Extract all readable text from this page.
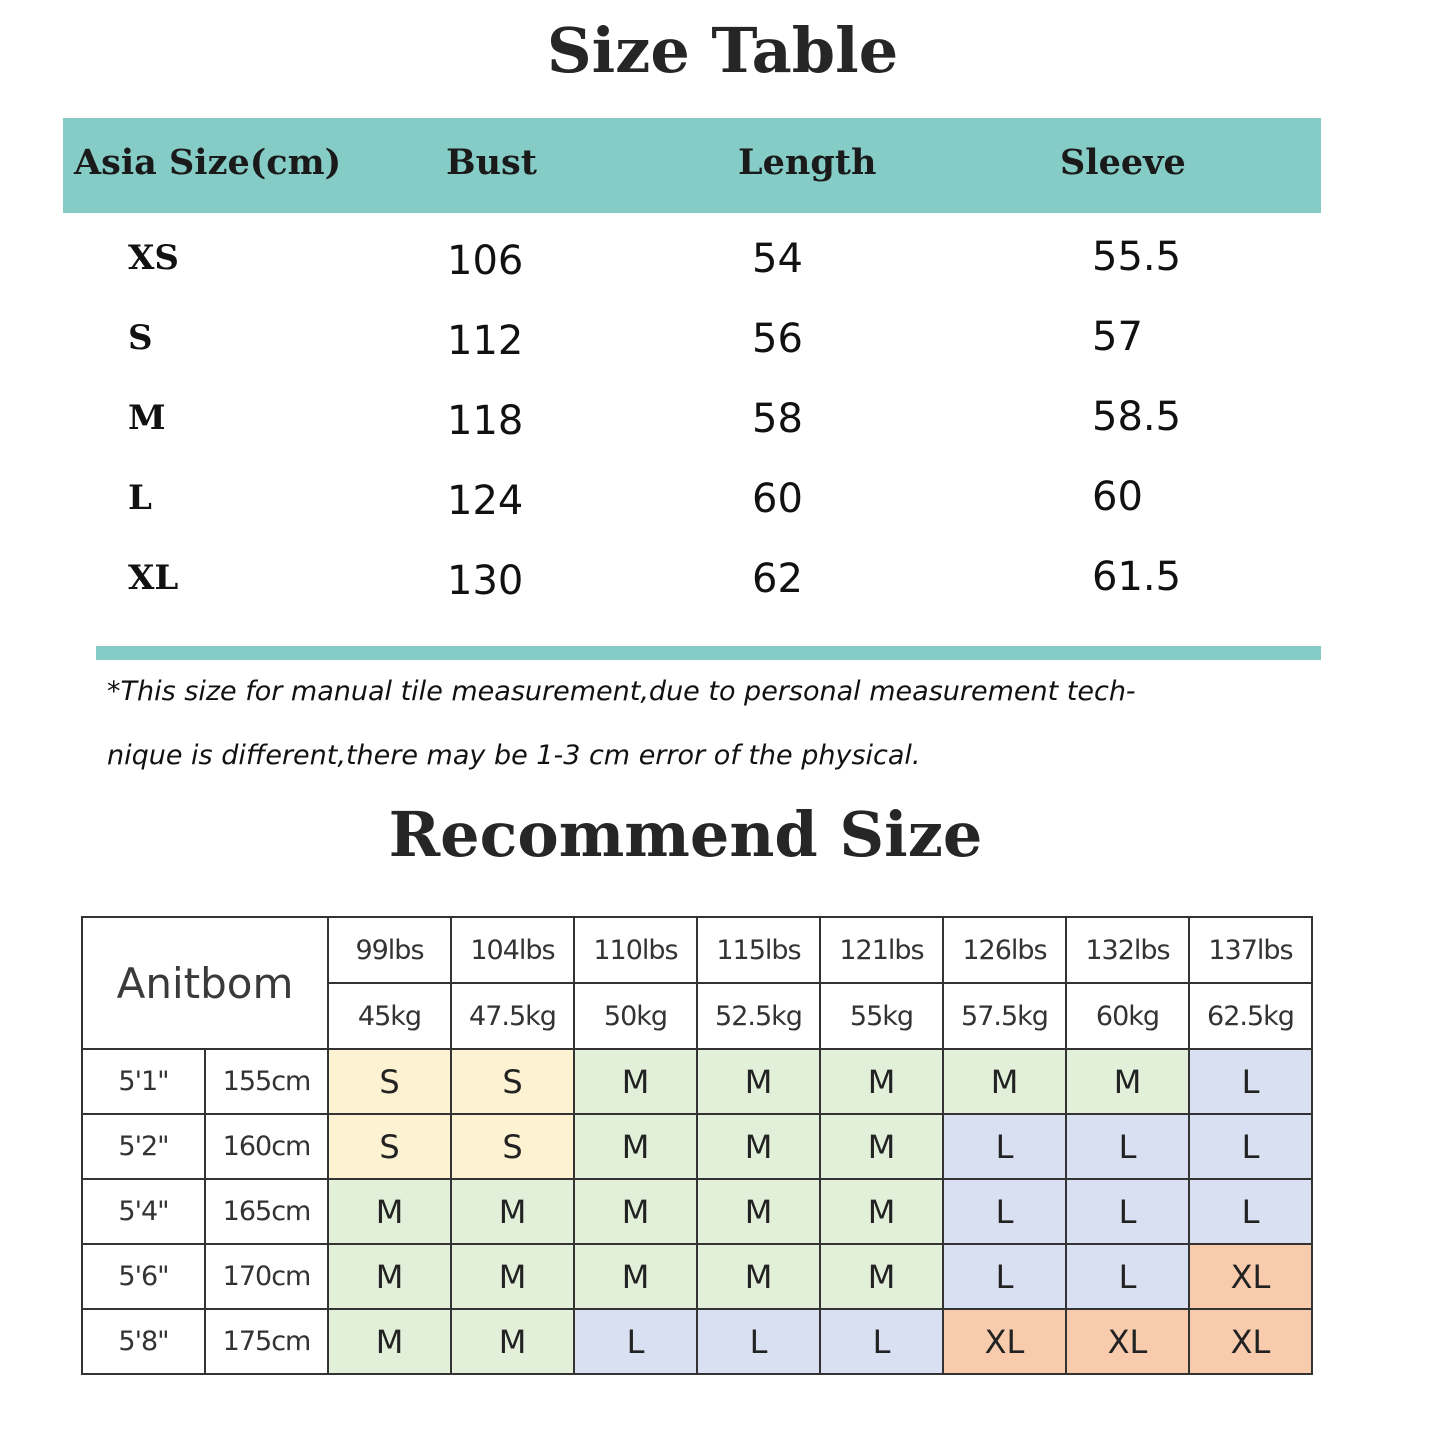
Size Table
Asia Size(cm)	Bust	Length	Sleeve
XS	106	54	55.5
S	112	56	57
M	118	58	58.5
L	124	60	60
XL	130	62	61.5
*This size for manual tile measurement,due to personal measurement tech-
nique is different,there may be 1-3 cm error of the physical.
Recommend Size
Anitbom		99lbs	104lbs	110lbs	115lbs	121lbs	126lbs	132lbs	137lbs
		45kg	47.5kg	50kg	52.5kg	55kg	57.5kg	60kg	62.5kg
5'1"	155cm	S	S	M	M	M	M	M	L
5'2"	160cm	S	S	M	M	M	L	L	L
5'4"	165cm	M	M	M	M	M	L	L	L
5'6"	170cm	M	M	M	M	M	L	L	XL
5'8"	175cm	M	M	L	L	L	XL	XL	XL
